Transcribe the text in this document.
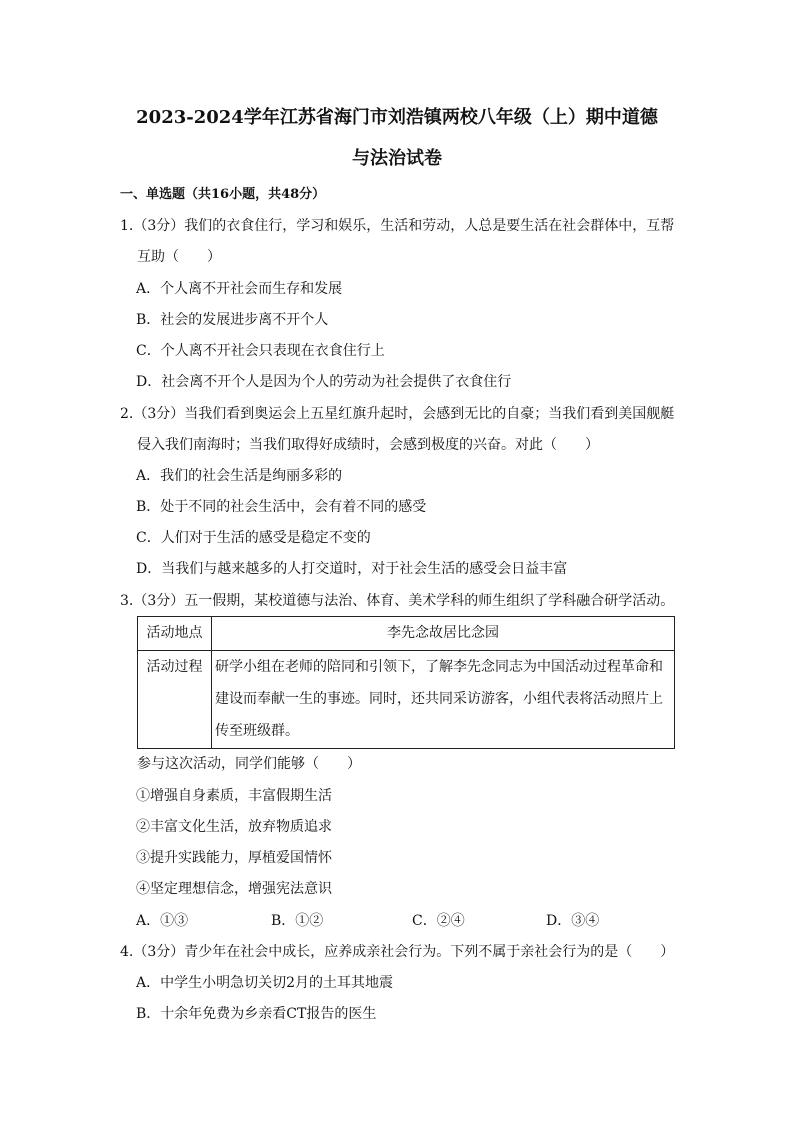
2023-2024学年江苏省海门市刘浩镇两校八年级（上）期中道德
与法治试卷
一、单选题（共16小题，共48分）
1.（3分）我们的衣食住行，学习和娱乐，生活和劳动，人总是要生活在社会群体中，互帮
互助（　　）
A．个人离不开社会而生存和发展
B．社会的发展进步离不开个人
C．个人离不开社会只表现在衣食住行上
D．社会离不开个人是因为个人的劳动为社会提供了衣食住行
2.（3分）当我们看到奥运会上五星红旗升起时，会感到无比的自豪；当我们看到美国舰艇
侵入我们南海时；当我们取得好成绩时，会感到极度的兴奋。对此（　　）
A．我们的社会生活是绚丽多彩的
B．处于不同的社会生活中，会有着不同的感受
C．人们对于生活的感受是稳定不变的
D．当我们与越来越多的人打交道时，对于社会生活的感受会日益丰富
3.（3分）五一假期，某校道德与法治、体育、美术学科的师生组织了学科融合研学活动。
活动地点	李先念故居比念园
活动过程	研学小组在老师的陪同和引领下，了解李先念同志为中国活动过程革命和
建设而奉献一生的事迹。同时，还共同采访游客，小组代表将活动照片上
传至班级群。
参与这次活动，同学们能够（　　）
①增强自身素质，丰富假期生活
②丰富文化生活，放弃物质追求
③提升实践能力，厚植爱国情怀
④坚定理想信念，增强宪法意识
A．①③	B．①②	C．②④	D．③④
4.（3分）青少年在社会中成长，应养成亲社会行为。下列不属于亲社会行为的是（　　）
A．中学生小明急切关切2月的土耳其地震
B．十余年免费为乡亲看CT报告的医生
